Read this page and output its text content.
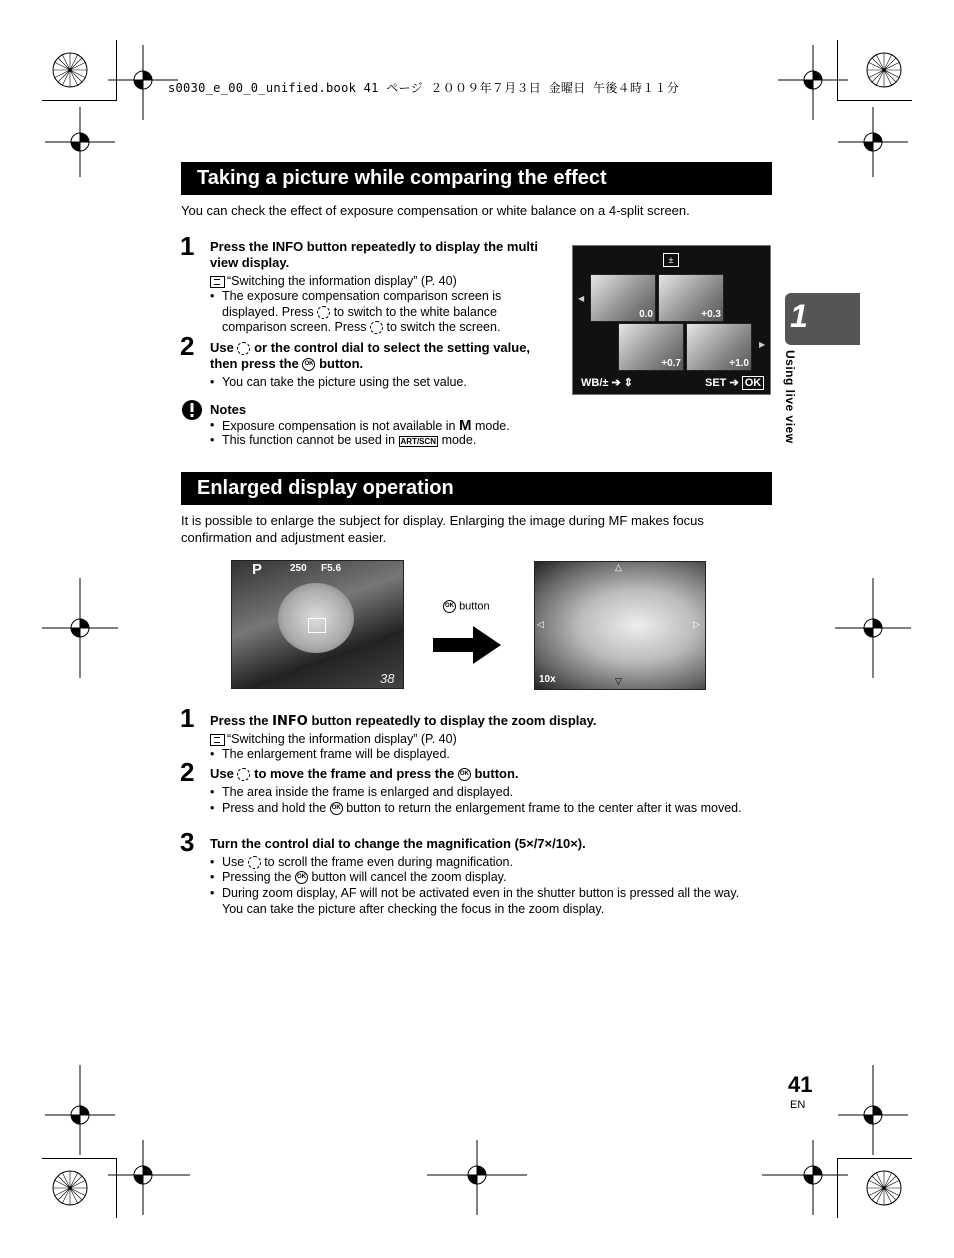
s0030_e_00_0_unified.book 41 ページ ２００９年７月３日 金曜日 午後４時１１分
Taking a picture while comparing the effect
You can check the effect of exposure compensation or white balance on a 4-split screen.
1 Press the INFO button repeatedly to display the multi view display.
“Switching the information display” (P. 40)
• The exposure compensation comparison screen is displayed. Press to switch to the white balance comparison screen. Press to switch the screen.
2 Use or the control dial to select the setting value, then press the OK button.
• You can take the picture using the set value.
Notes
• Exposure compensation is not available in M mode.
• This function cannot be used in ART/SCN mode.
±
◀
▶
0.0	+0.3
+0.7	+1.0
WB/± ➔ ⇕	SET ➔ OK
Enlarged display operation
It is possible to enlarge the subject for display. Enlarging the image during MF makes focus confirmation and adjustment easier.
P	250 F5.6
38
OK button
△
▽
◁	▷
10x
1 Press the INFO button repeatedly to display the zoom display.
“Switching the information display” (P. 40)
• The enlargement frame will be displayed.
2 Use to move the frame and press the OK button.
• The area inside the frame is enlarged and displayed.
• Press and hold the OK button to return the enlargement frame to the center after it was moved.
3 Turn the control dial to change the magnification (5×/7×/10×).
• Use to scroll the frame even during magnification.
• Pressing the OK button will cancel the zoom display.
• During zoom display, AF will not be activated even in the shutter button is pressed all the way. You can take the picture after checking the focus in the zoom display.
1
Using live view
41
EN
